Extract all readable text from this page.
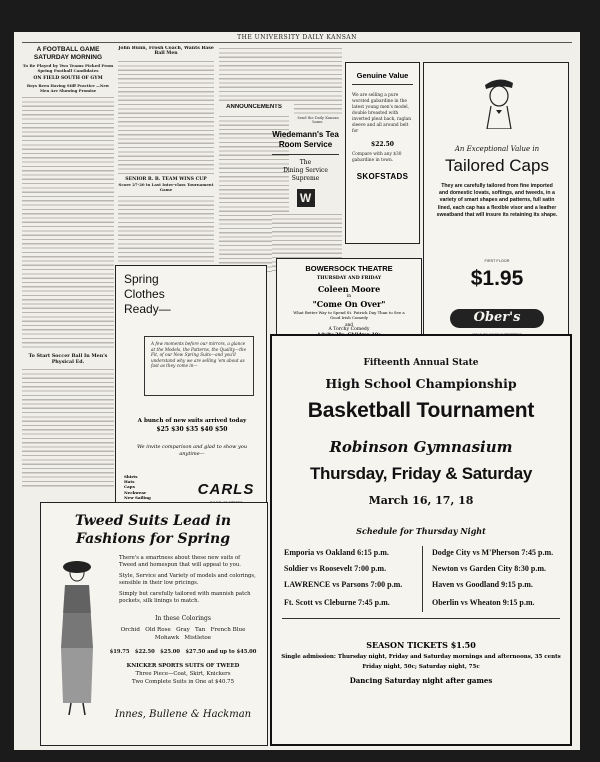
THE UNIVERSITY DAILY KANSAN
A FOOTBALL GAME SATURDAY MORNING
To Be Played by Two Teams Picked From Spring Football Candidates
ON FIELD SOUTH OF GYM
Boys Been Having Stiff Practice —New Men Are Showing Promise
To Start Soccer Ball In Men's Physical Ed.
John Bunn, Frosh Coach, Wants Base Ball Men
SENIOR R. B. TEAM WINS CUP
Score 27-20 in Last Inter-class Tournament Game
ANNOUNCEMENTS
Send the Daily Kansan home.
Genuine Value
We are selling a pure worsted gabardine in the latest young men's model, double breasted with inverted pleat back, raglan sleeve and all around belt for
$22.50
Compare with any $30 gabardine in town.
SKOFSTADS
Wiedemann's Tea Room Service
The
Dining Service
Supreme
W
An Exceptional Value in
Tailored Caps
They are carefully tailored from fine imported and domestic lovats, softings, and tweeds, in a variety of smart shapes and patterns, full satin lined, each cap has a flexible visor and a leather sweatband that will insure its retaining its shape.
FIRST FLOOR
$1.95
Ober's
BOWERSOCK THEATRE
THURSDAY AND FRIDAY
Coleen Moore
in
"Come On Over"
What Better Way to Spend St. Patrick Day Than to See a Good Irish Comedy
and
A Torchy Comedy
Spring Clothes Ready—
A few moments before our mirrors, a glance at the Models, the Patterns, the Quality—the Fit, of our New Spring Suits—and you'll understand why we are selling 'em about as fast as they come in—
A bunch of new suits arrived today
$25 $30 $35 $40 $50
We invite comparison and glad to show you anytime—
Shirts
Hats
Caps
Neckwear
New Sailing	CARLS
Fifteenth Annual State
High School Championship
Basketball Tournament
Robinson Gymnasium
Thursday, Friday & Saturday
March 16, 17, 18
Schedule for Thursday Night
Emporia vs Oakland 6:15 p.m.	Dodge City vs M'Pherson 7:45 p.m.
Soldier vs Roosevelt 7:00 p.m.	Newton vs Garden City 8:30 p.m.
LAWRENCE vs Parsons 7:00 p.m.	Haven vs Goodland 9:15 p.m.
Ft. Scott vs Cleburne 7:45 p.m.	Oberlin vs Wheaton 9:15 p.m.
SEASON TICKETS $1.50
Single admission: Thursday night, Friday and Saturday mornings and afternoons, 35 cents
Friday night, 50c; Saturday night, 75c
Dancing Saturday night after games
Tweed Suits Lead in
Fashions for Spring
There's a smartness about these new suits of Tweed and homespun that will appeal to you.
Style, Service and Variety of models and colorings, sensible in their low pricings.
Simply but carefully tailored with mannish patch pockets, silk linings to match.
In these Colorings
Orchid   Old Rose   Gray   Tan   French Blue
Mohawk   Mistletoe
$19.75   $22.50   $25.00   $27.50 and up to $45.00
KNICKER SPORTS SUITS OF TWEED
Three Piece—Coat, Skirt, Knickers
Two Complete Suits in One at $40.75
Innes, Bullene & Hackman
